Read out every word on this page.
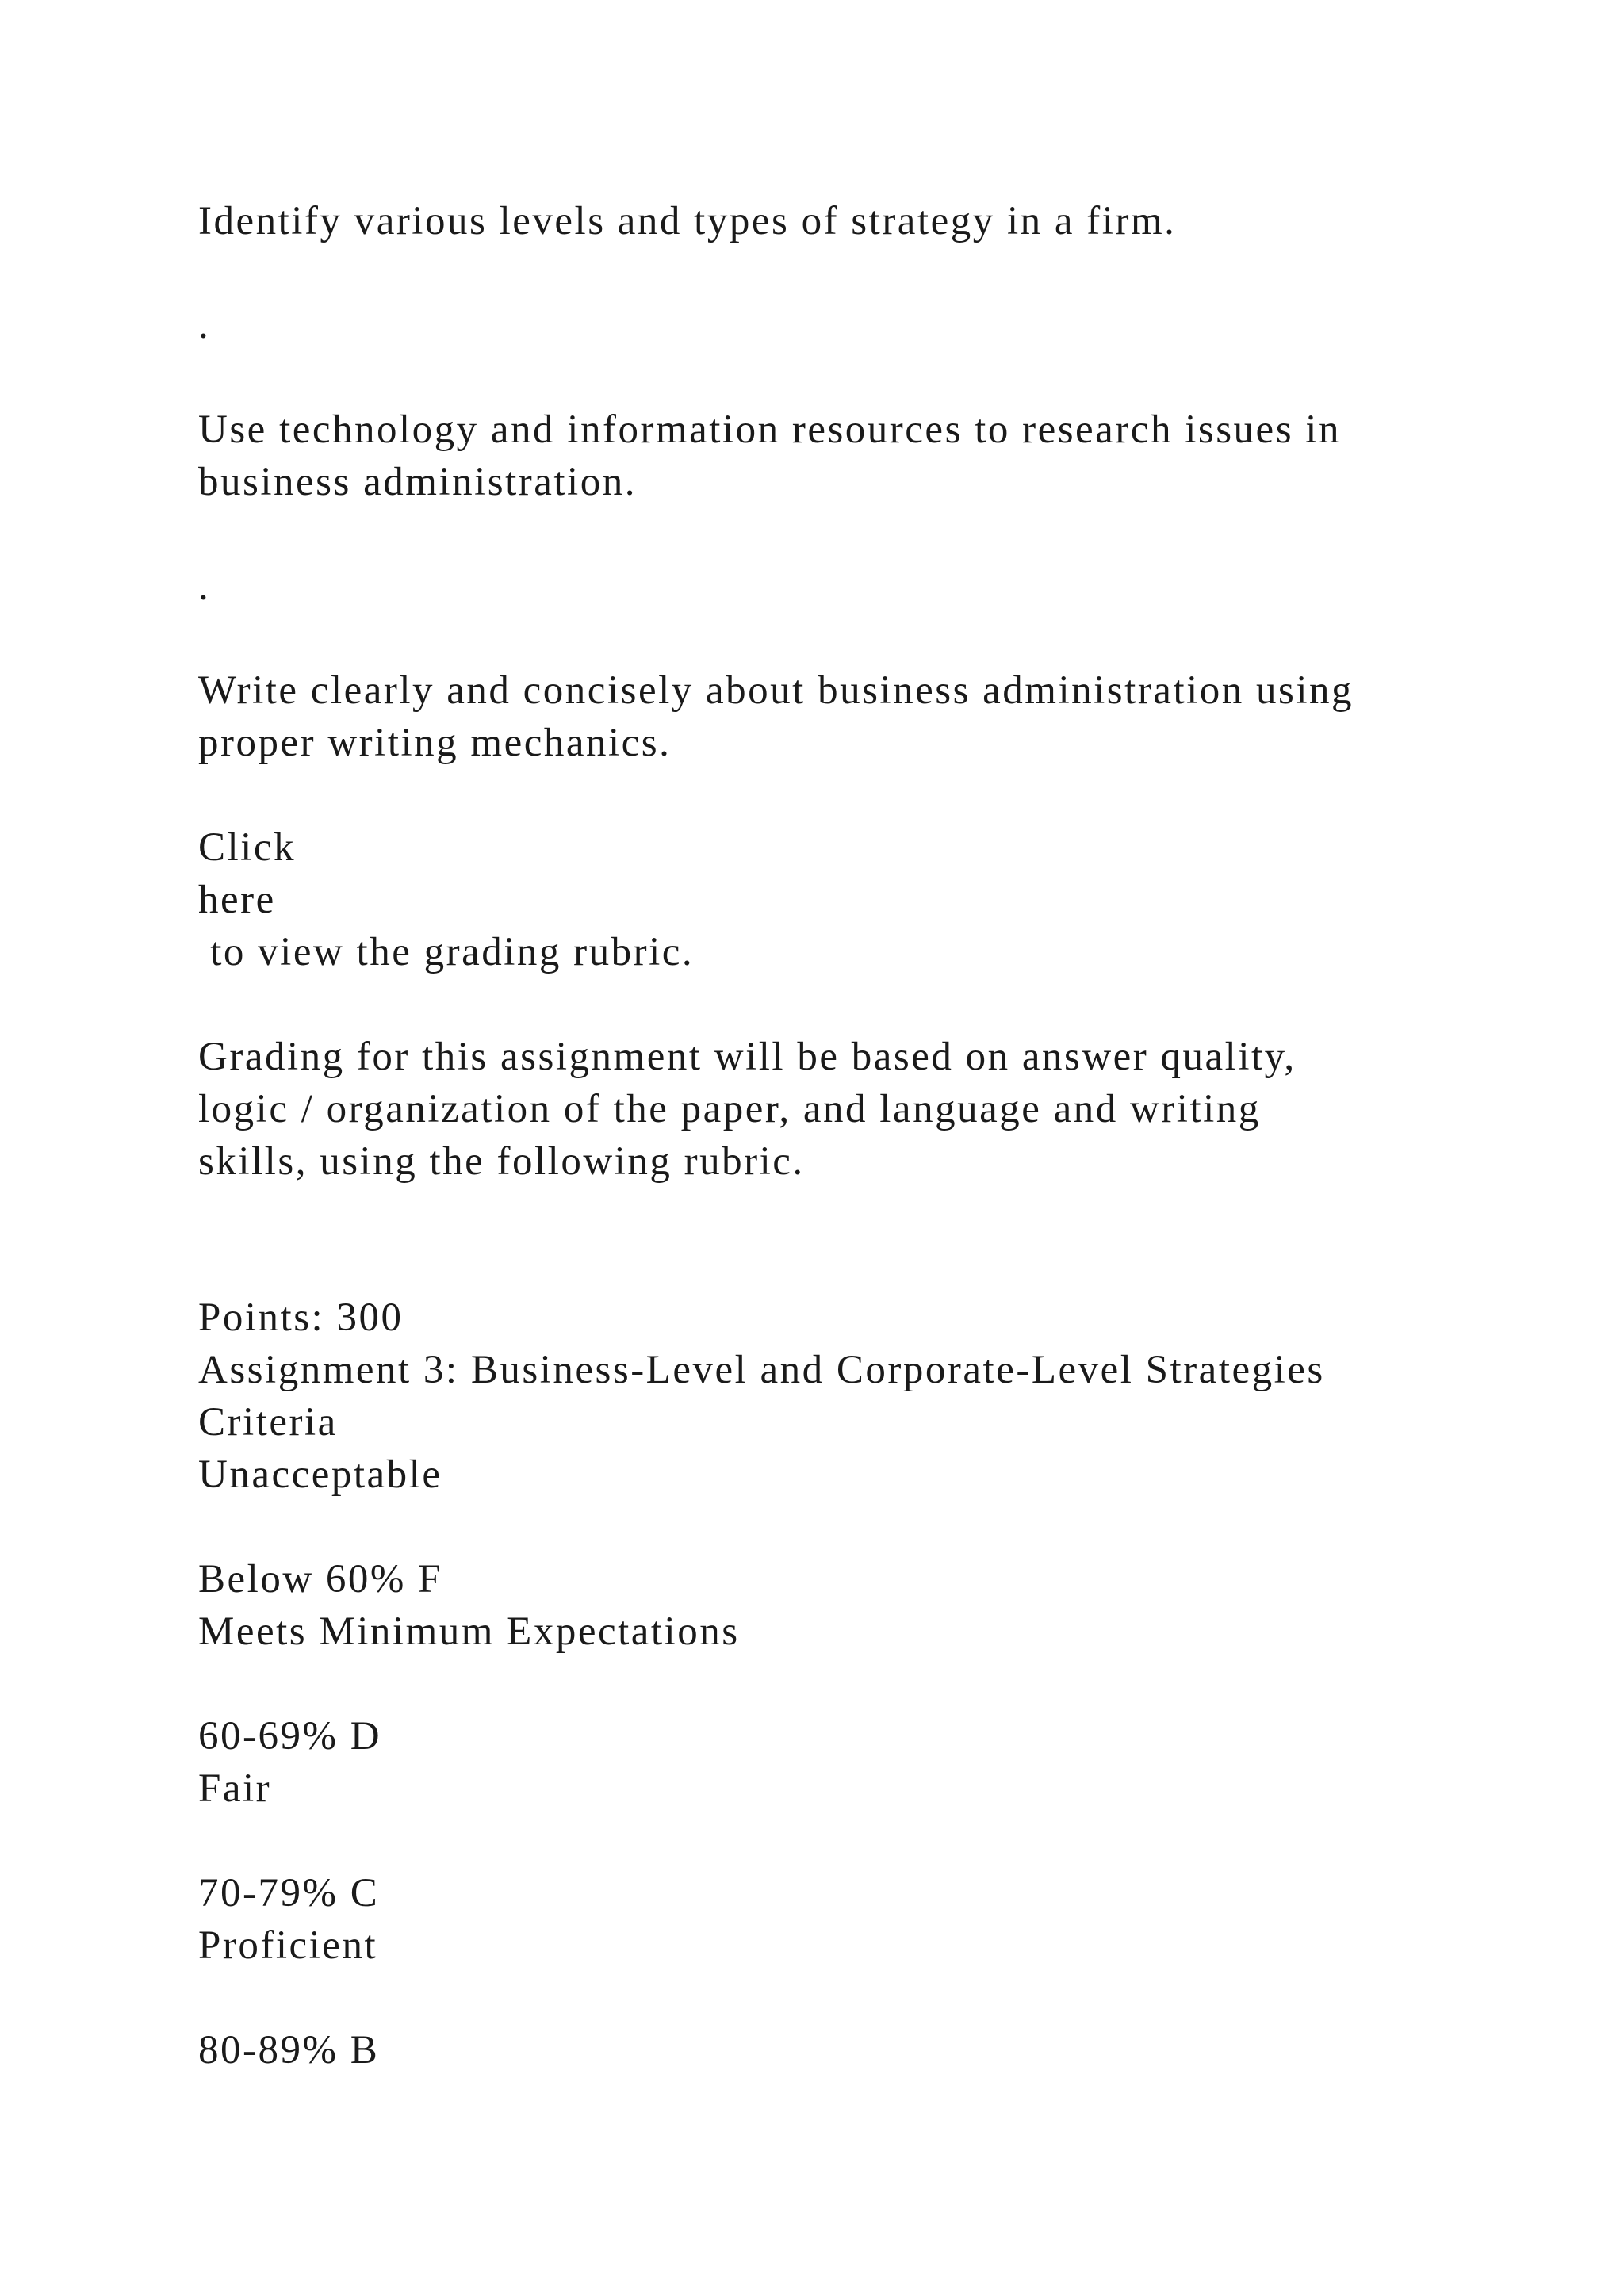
Identify various levels and types of strategy in a firm.
.
Use technology and information resources to research issues in
business administration.
.
Write clearly and concisely about business administration using
proper writing mechanics.
Click
here
to view the grading rubric.
Grading for this assignment will be based on answer quality,
logic / organization of the paper, and language and writing
skills, using the following rubric.
Points: 300
Assignment 3: Business-Level and Corporate-Level Strategies
Criteria
Unacceptable
Below 60% F
Meets Minimum Expectations
60-69% D
Fair
70-79% C
Proficient
80-89% B
